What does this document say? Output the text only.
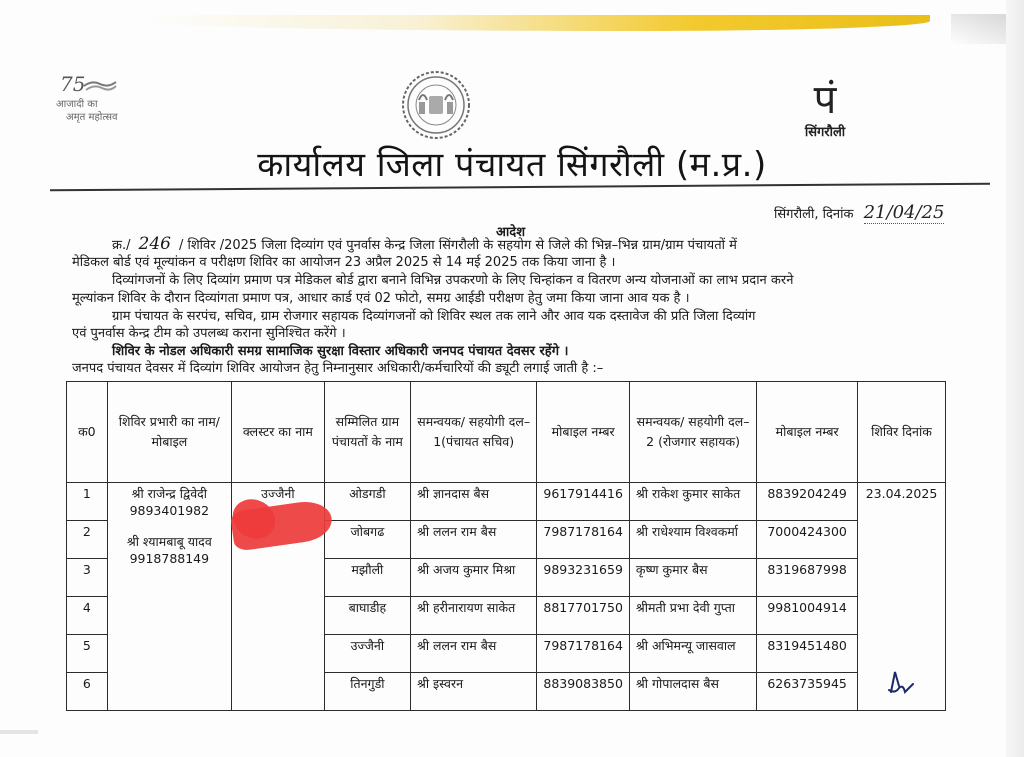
75
आजादी का
अमृत महोत्सव	पं
सिंगरौली
कार्यालय जिला पंचायत सिंगरौली (म.प्र.)
सिंगरौली, दिनांक 21/04/25
आदेश
क्र./ 246 / शिविर /2025 जिला दिव्यांग एवं पुनर्वास केन्द्र जिला सिंगरौली के सहयोग से जिले की भिन्न–भिन्न ग्राम/ग्राम पंचायतों में
मेडिकल बोर्ड एवं मूल्यांकन व परीक्षण शिविर का आयोजन 23 अप्रैल 2025 से 14 मई 2025 तक किया जाना है ।
दिव्यांगजनों के लिए दिव्यांग प्रमाण पत्र मेडिकल बोर्ड द्वारा बनाने विभिन्न उपकरणो के लिए चिन्हांकन व वितरण अन्य योजनाओं का लाभ प्रदान करने
मूल्यांकन शिविर के दौरान दिव्यांगता प्रमाण पत्र, आधार कार्ड एवं 02 फोटो, समग्र आईडी परीक्षण हेतु जमा किया जाना आव यक है ।
ग्राम पंचायत के सरपंच, सचिव, ग्राम रोजगार सहायक दिव्यांगजनों को शिविर स्थल तक लाने और आव यक दस्तावेज की प्रति जिला दिव्यांग
एवं पुनर्वास केन्द्र टीम को उपलब्ध कराना सुनिश्चित करेंगे ।
शिविर के नोडल अधिकारी समग्र सामाजिक सुरक्षा विस्तार अधिकारी जनपद पंचायत देवसर रहेंगे ।
जनपद पंचायत देवसर में दिव्यांग शिविर आयोजन हेतु निम्नानुसार अधिकारी/कर्मचारियों की ड्यूटी लगाई जाती है :–
क0	शिविर प्रभारी का नाम/ मोबाइल	क्लस्टर का नाम	सम्मिलित ग्राम पंचायतों के नाम	समन्वयक/ सहयोगी दल–1(पंचायत सचिव)	मोबाइल नम्बर	समन्वयक/ सहयोगी दल–2 (रोजगार सहायक)	मोबाइल नम्बर	शिविर दिनांक
1	श्री राजेन्द्र द्विवेदी
9893401982
श्री श्यामबाबू यादव
9918788149	उज्जैनी	ओडगडी	श्री ज्ञानदास बैस	9617914416	श्री राकेश कुमार साकेत	8839204249	23.04.2025
2			जोबगढ	श्री ललन राम बैस	7987178164	श्री राधेश्याम विश्वकर्मा	7000424300	
3			मझौली	श्री अजय कुमार मिश्रा	9893231659	कृष्ण कुमार बैस	8319687998	
4			बाघाडीह	श्री हरीनारायण साकेत	8817701750	श्रीमती प्रभा देवी गुप्ता	9981004914	
5			उज्जैनी	श्री ललन राम बैस	7987178164	श्री अभिमन्यू जासवाल	8319451480	
6			तिनगुडी	श्री इस्वरन	8839083850	श्री गोपालदास बैस	6263735945	
